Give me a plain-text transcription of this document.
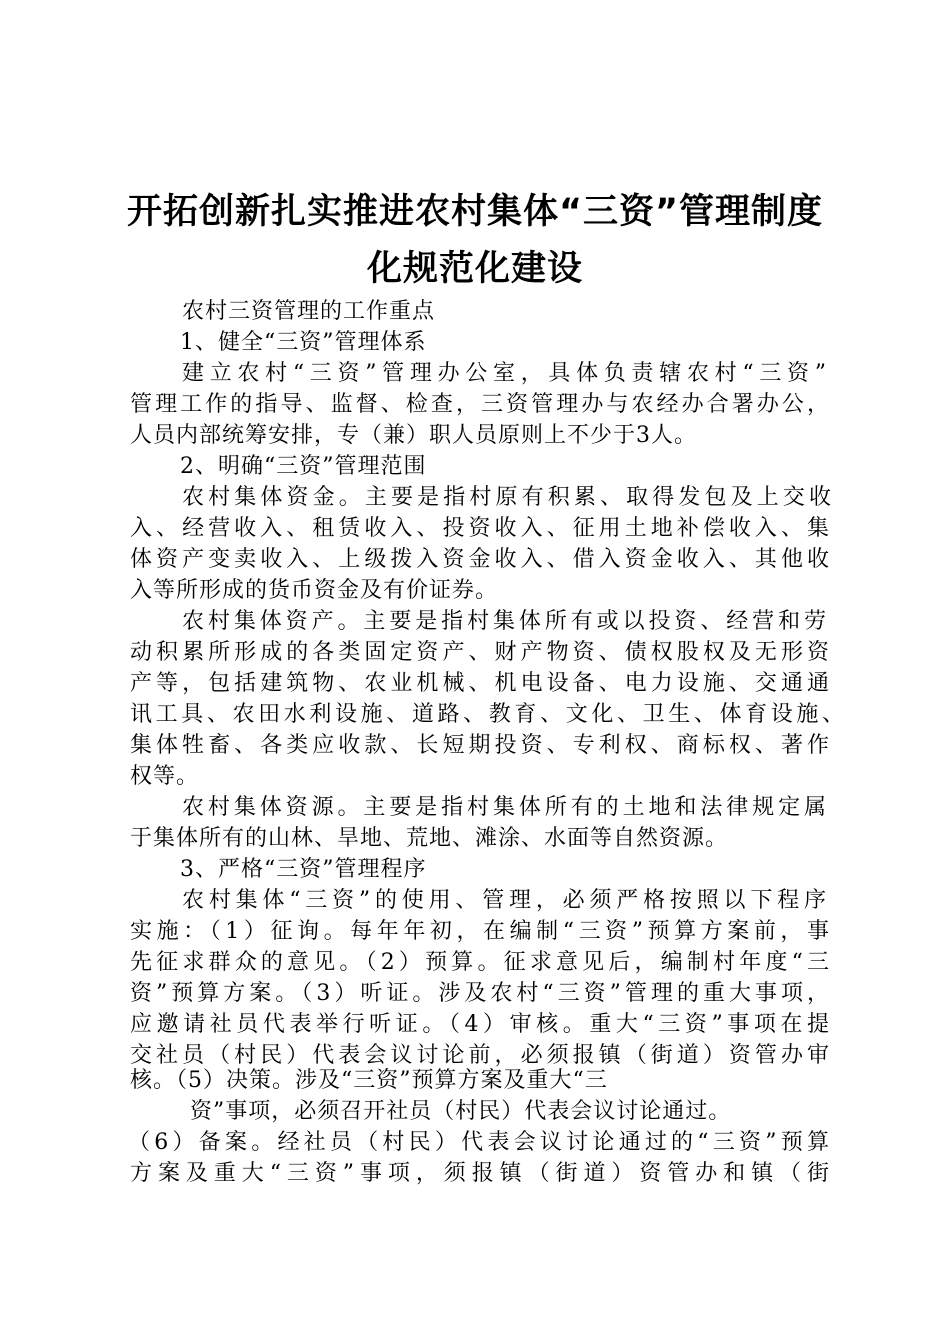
开拓创新扎实推进农村集体“三资”管理制度
化规范化建设
农村三资管理的工作重点
1、健全“三资”管理体系
建立农村“三资”管理办公室，具体负责辖农村“三资”
管理工作的指导、监督、检查，三资管理办与农经办合署办公，
人员内部统筹安排，专（兼）职人员原则上不少于3人。
2、明确“三资”管理范围
农村集体资金。主要是指村原有积累、取得发包及上交收
入、经营收入、租赁收入、投资收入、征用土地补偿收入、集
体资产变卖收入、上级拨入资金收入、借入资金收入、其他收
入等所形成的货币资金及有价证券。
农村集体资产。主要是指村集体所有或以投资、经营和劳
动积累所形成的各类固定资产、财产物资、债权股权及无形资
产等，包括建筑物、农业机械、机电设备、电力设施、交通通
讯工具、农田水利设施、道路、教育、文化、卫生、体育设施、
集体牲畜、各类应收款、长短期投资、专利权、商标权、著作
权等。
农村集体资源。主要是指村集体所有的土地和法律规定属
于集体所有的山林、旱地、荒地、滩涂、水面等自然资源。
3、严格“三资”管理程序
农村集体“三资”的使用、管理，必须严格按照以下程序
实施：（1）征询。每年年初，在编制“三资”预算方案前，事
先征求群众的意见。（2）预算。征求意见后，编制村年度“三
资”预算方案。（3）听证。涉及农村“三资”管理的重大事项，
应邀请社员代表举行听证。（4）审核。重大“三资”事项在提
交社员（村民）代表会议讨论前，必须报镇（街道）资管办审
核。（5）决策。涉及“三资”预算方案及重大“三
资”事项，必须召开社员（村民）代表会议讨论通过。
（6）备案。经社员（村民）代表会议讨论通过的“三资”预算
方案及重大“三资”事项，须报镇（街道）资管办和镇（街
